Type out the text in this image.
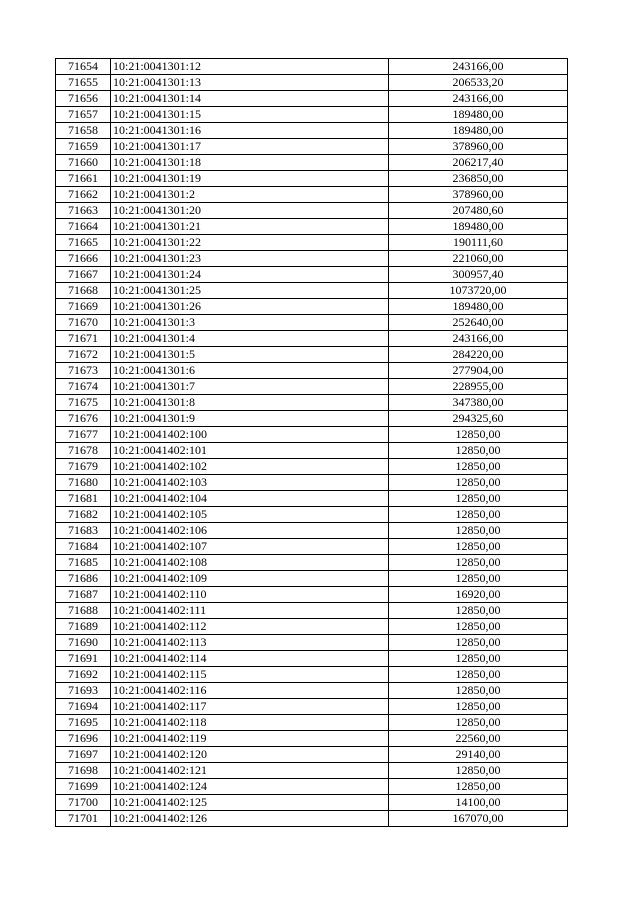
71654	10:21:0041301:12	243166,00
71655	10:21:0041301:13	206533,20
71656	10:21:0041301:14	243166,00
71657	10:21:0041301:15	189480,00
71658	10:21:0041301:16	189480,00
71659	10:21:0041301:17	378960,00
71660	10:21:0041301:18	206217,40
71661	10:21:0041301:19	236850,00
71662	10:21:0041301:2	378960,00
71663	10:21:0041301:20	207480,60
71664	10:21:0041301:21	189480,00
71665	10:21:0041301:22	190111,60
71666	10:21:0041301:23	221060,00
71667	10:21:0041301:24	300957,40
71668	10:21:0041301:25	1073720,00
71669	10:21:0041301:26	189480,00
71670	10:21:0041301:3	252640,00
71671	10:21:0041301:4	243166,00
71672	10:21:0041301:5	284220,00
71673	10:21:0041301:6	277904,00
71674	10:21:0041301:7	228955,00
71675	10:21:0041301:8	347380,00
71676	10:21:0041301:9	294325,60
71677	10:21:0041402:100	12850,00
71678	10:21:0041402:101	12850,00
71679	10:21:0041402:102	12850,00
71680	10:21:0041402:103	12850,00
71681	10:21:0041402:104	12850,00
71682	10:21:0041402:105	12850,00
71683	10:21:0041402:106	12850,00
71684	10:21:0041402:107	12850,00
71685	10:21:0041402:108	12850,00
71686	10:21:0041402:109	12850,00
71687	10:21:0041402:110	16920,00
71688	10:21:0041402:111	12850,00
71689	10:21:0041402:112	12850,00
71690	10:21:0041402:113	12850,00
71691	10:21:0041402:114	12850,00
71692	10:21:0041402:115	12850,00
71693	10:21:0041402:116	12850,00
71694	10:21:0041402:117	12850,00
71695	10:21:0041402:118	12850,00
71696	10:21:0041402:119	22560,00
71697	10:21:0041402:120	29140,00
71698	10:21:0041402:121	12850,00
71699	10:21:0041402:124	12850,00
71700	10:21:0041402:125	14100,00
71701	10:21:0041402:126	167070,00
